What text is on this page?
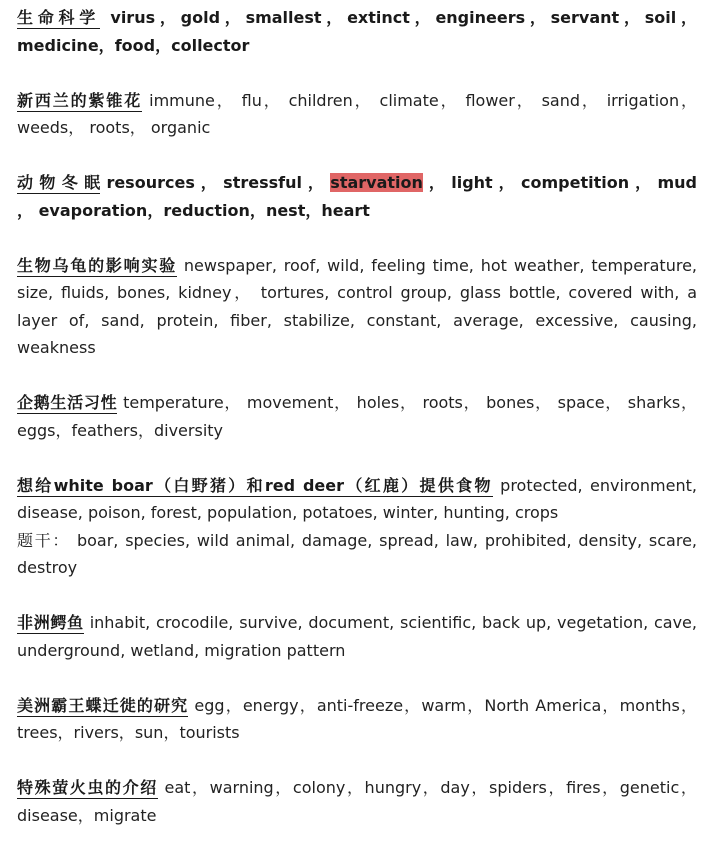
生命科学 virus，gold，smallest，extinct，engineers，servant，soil，medicine，food，collector

新西兰的紫锥花 immune， flu， children， climate， flower， sand， irrigation， weeds， roots， organic

动 物 冬 眠 resources ， stressful ， starvation ， light ， competition ， mud ， evaporation，reduction，nest，heart

生物乌龟的影响实验 newspaper, roof, wild, feeling time, hot weather, temperature, size, fluids, bones, kidney， tortures, control group, glass bottle, covered with, a layer of, sand, protein, fiber, stabilize, constant, average, excessive, causing, weakness

企鹅生活习性 temperature， movement， holes， roots， bones， space， sharks， eggs，feathers，diversity

想给white boar（白野猪）和red deer（红鹿）提供食物 protected, environment, disease, poison, forest, population, potatoes, winter, hunting, crops

题干： boar, species, wild animal, damage, spread, law, prohibited, density, scare, destroy

非洲鳄鱼 inhabit, crocodile, survive, document, scientific, back up, vegetation, cave, underground, wetland, migration pattern

美洲霸王蝶迁徙的研究 egg，energy，anti-freeze，warm，North America，months，trees，rivers，sun，tourists

特殊萤火虫的介绍 eat，warning，colony，hungry，day，spiders，fires，genetic，disease，migrate
